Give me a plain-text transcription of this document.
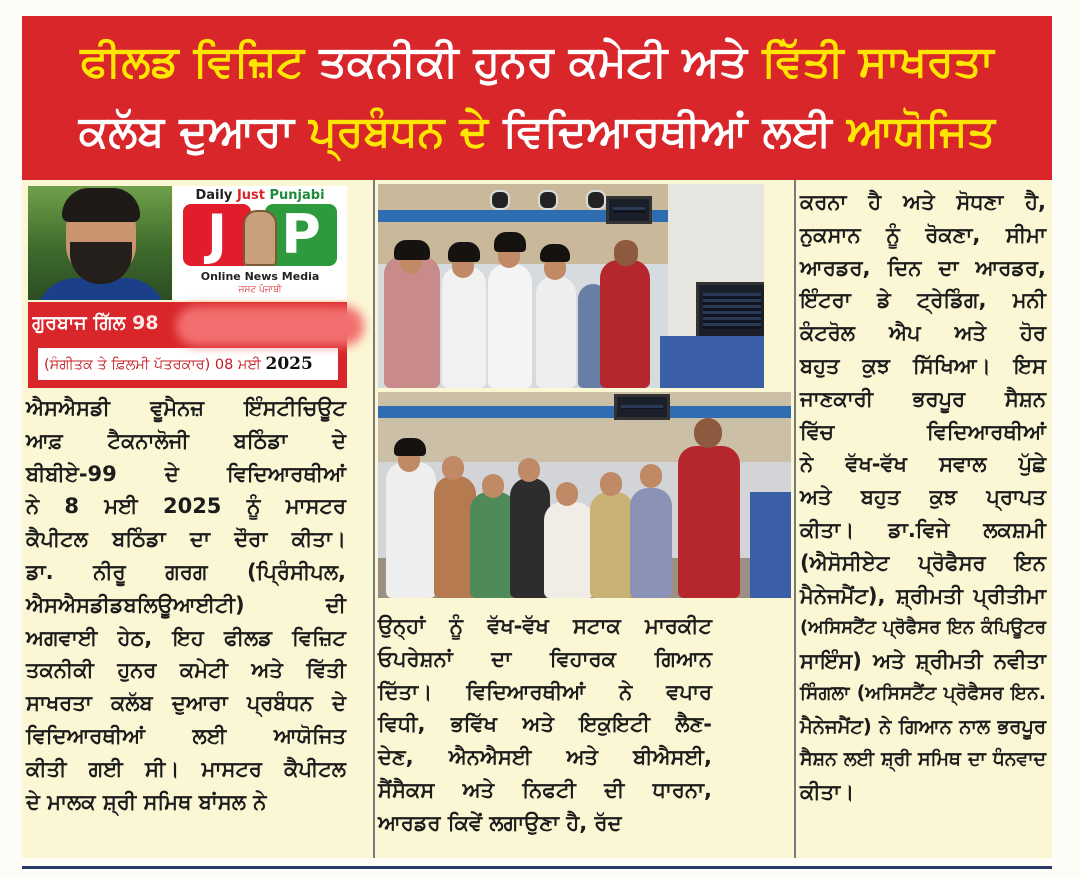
ਫੀਲਡ ਵਿਜ਼ਿਟ ਤਕਨੀਕੀ ਹੁਨਰ ਕਮੇਟੀ ਅਤੇ ਵਿੱਤੀ ਸਾਖਰਤਾ
ਕਲੱਬ ਦੁਆਰਾ ਪ੍ਰਬੰਧਨ ਦੇ ਵਿਦਿਆਰਥੀਆਂ ਲਈ ਆਯੋਜਿਤ
Daily Just Punjabi
J	P
Online News Media
ਜਸਟ ਪੰਜਾਬੀ
ਗੁਰਬਾਜ ਗਿੱਲ 98
(ਸੰਗੀਤਕ ਤੇ ਫ਼ਿਲਮੀ ਪੱਤਰਕਾਰ) 08 ਮਈ 2025

ਐਸਐਸਡੀ ਵੂਮੈਨਜ਼ ਇੰਸਟੀਚਿਊਟ

ਆਫ਼ ਟੈਕਨਾਲੋਜੀ ਬਠਿੰਡਾ ਦੇ

ਬੀਬੀਏ-99 ਦੇ ਵਿਦਿਆਰਥੀਆਂ

ਨੇ 8 ਮਈ 2025 ਨੂੰ ਮਾਸਟਰ

ਕੈਪੀਟਲ ਬਠਿੰਡਾ ਦਾ ਦੌਰਾ ਕੀਤਾ।

ਡਾ. ਨੀਰੂ ਗਰਗ (ਪ੍ਰਿੰਸੀਪਲ,

ਐਸਐਸਡੀਡਬਲਿਊਆਈਟੀ) ਦੀ

ਅਗਵਾਈ ਹੇਠ, ਇਹ ਫੀਲਡ ਵਿਜ਼ਿਟ

ਤਕਨੀਕੀ ਹੁਨਰ ਕਮੇਟੀ ਅਤੇ ਵਿੱਤੀ

ਸਾਖਰਤਾ ਕਲੱਬ ਦੁਆਰਾ ਪ੍ਰਬੰਧਨ ਦੇ

ਵਿਦਿਆਰਥੀਆਂ ਲਈ ਆਯੋਜਿਤ

ਕੀਤੀ ਗਈ ਸੀ। ਮਾਸਟਰ ਕੈਪੀਟਲ

ਦੇ ਮਾਲਕ ਸ਼੍ਰੀ ਸਮਿਥ ਬਾਂਸਲ ਨੇ

ਉਨ੍ਹਾਂ ਨੂੰ ਵੱਖ-ਵੱਖ ਸਟਾਕ ਮਾਰਕੀਟ

ਓਪਰੇਸ਼ਨਾਂ ਦਾ ਵਿਹਾਰਕ ਗਿਆਨ

ਦਿੱਤਾ। ਵਿਦਿਆਰਥੀਆਂ ਨੇ ਵਪਾਰ

ਵਿਧੀ, ਭਵਿੱਖ ਅਤੇ ਇਕੁਇਟੀ ਲੈਣ-

ਦੇਣ, ਐਨਐਸਈ ਅਤੇ ਬੀਐਸਈ,

ਸੈਂਸੈਕਸ ਅਤੇ ਨਿਫਟੀ ਦੀ ਧਾਰਨਾ,

ਆਰਡਰ ਕਿਵੇਂ ਲਗਾਉਣਾ ਹੈ, ਰੱਦ

ਕਰਨਾ ਹੈ ਅਤੇ ਸੋਧਣਾ ਹੈ,

ਨੁਕਸਾਨ ਨੂੰ ਰੋਕਣਾ, ਸੀਮਾ

ਆਰਡਰ, ਦਿਨ ਦਾ ਆਰਡਰ,

ਇੰਟਰਾ ਡੇ ਟ੍ਰੇਡਿੰਗ, ਮਨੀ

ਕੰਟਰੋਲ ਐਪ ਅਤੇ ਹੋਰ

ਬਹੁਤ ਕੁਝ ਸਿੱਖਿਆ। ਇਸ

ਜਾਣਕਾਰੀ ਭਰਪੂਰ ਸੈਸ਼ਨ

ਵਿੱਚ ਵਿਦਿਆਰਥੀਆਂ

ਨੇ ਵੱਖ-ਵੱਖ ਸਵਾਲ ਪੁੱਛੇ

ਅਤੇ ਬਹੁਤ ਕੁਝ ਪ੍ਰਾਪਤ

ਕੀਤਾ। ਡਾ.ਵਿਜੇ ਲਕਸ਼ਮੀ

(ਐਸੋਸੀਏਟ ਪ੍ਰੋਫੈਸਰ ਇਨ

ਮੈਨੇਜਮੈਂਟ), ਸ਼੍ਰੀਮਤੀ ਪ੍ਰੀਤੀਮਾ

(ਅਸਿਸਟੈਂਟ ਪ੍ਰੋਫੈਸਰ ਇਨ ਕੰਪਿਊਟਰ

ਸਾਇੰਸ) ਅਤੇ ਸ਼੍ਰੀਮਤੀ ਨਵੀਤਾ

ਸਿੰਗਲਾ (ਅਸਿਸਟੈਂਟ ਪ੍ਰੋਫੈਸਰ ਇਨ.

ਮੈਨੇਜਮੈਂਟ) ਨੇ ਗਿਆਨ ਨਾਲ ਭਰਪੂਰ

ਸੈਸ਼ਨ ਲਈ ਸ਼੍ਰੀ ਸਮਿਥ ਦਾ ਧੰਨਵਾਦ

ਕੀਤਾ।
